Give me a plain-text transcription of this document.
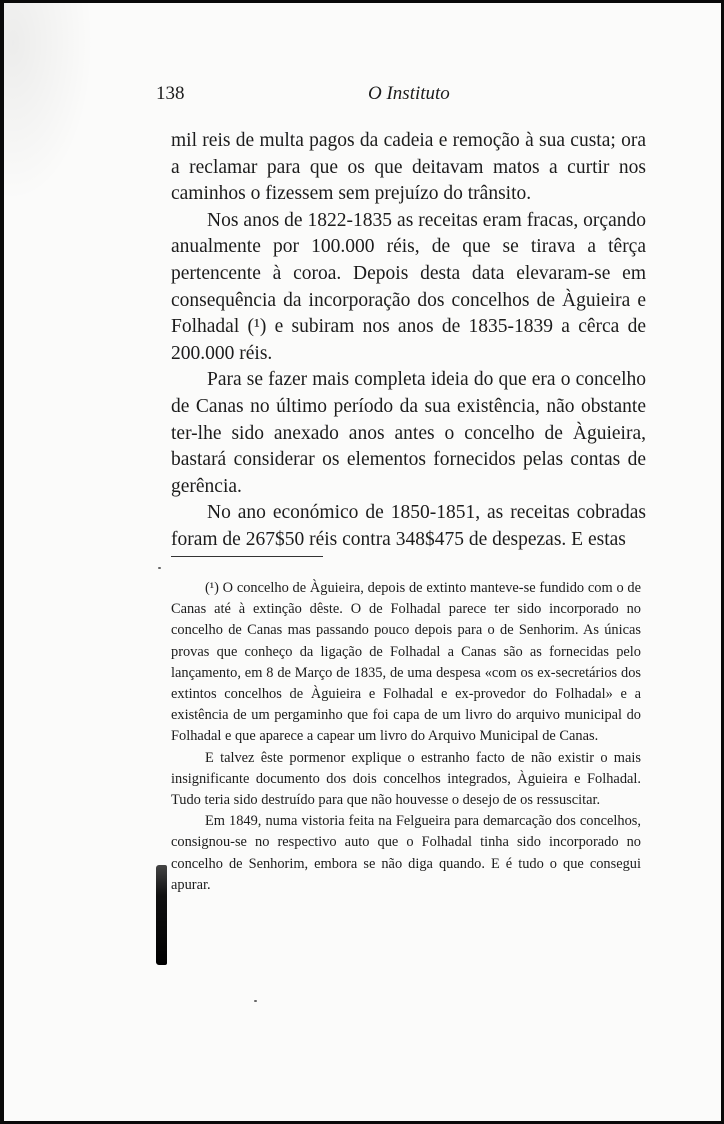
138	O Instituto

mil reis de multa pagos da cadeia e remoção à sua custa; ora a reclamar para que os que deitavam matos a curtir nos caminhos o fizessem sem prejuízo do trânsito.

Nos anos de 1822-1835 as receitas eram fracas, orçando anualmente por 100.000 réis, de que se tirava a têrça pertencente à coroa. Depois desta data elevaram-se em consequência da incorporação dos concelhos de Àguieira e Folhadal (¹) e subiram nos anos de 1835-1839 a cêrca de 200.000 réis.

Para se fazer mais completa ideia do que era o concelho de Canas no último período da sua existência, não obstante ter-lhe sido anexado anos antes o concelho de Àguieira, bastará considerar os elementos fornecidos pelas contas de gerência.

No ano económico de 1850-1851, as receitas cobradas foram de 267$50 réis contra 348$475 de despezas. E estas

(¹) O concelho de Àguieira, depois de extinto manteve-se fundido com o de Canas até à extinção dêste. O de Folhadal parece ter sido incorporado no concelho de Canas mas passando pouco depois para o de Senhorim. As únicas provas que conheço da ligação de Folhadal a Canas são as fornecidas pelo lançamento, em 8 de Março de 1835, de uma despesa «com os ex-secretários dos extintos concelhos de Àguieira e Folhadal e ex-provedor do Folhadal» e a existência de um pergaminho que foi capa de um livro do arquivo municipal do Folhadal e que aparece a capear um livro do Arquivo Municipal de Canas.

E talvez êste pormenor explique o estranho facto de não existir o mais insignificante documento dos dois concelhos integrados, Àguieira e Folhadal. Tudo teria sido destruído para que não houvesse o desejo de os ressuscitar.

Em 1849, numa vistoria feita na Felgueira para demarcação dos concelhos, consignou-se no respectivo auto que o Folhadal tinha sido incorporado no concelho de Senhorim, embora se não diga quando. E é tudo o que consegui apurar.
